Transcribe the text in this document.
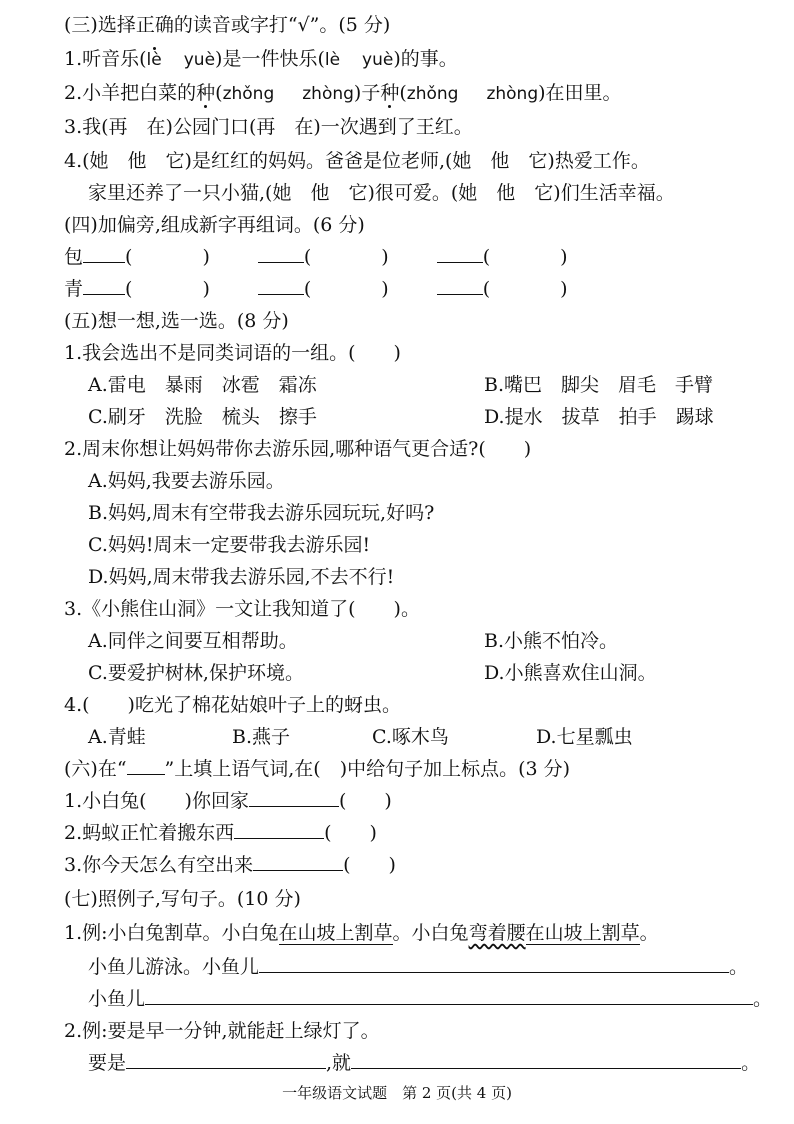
(三)选择正确的读音或字打“√”。(5 分)
1.听音乐(lè yuè)是一件快乐(lè yuè)的事。
2.小羊把白菜的种(zhǒng zhòng)子种(zhǒng zhòng)在田里。
3.我(再　在)公园门口(再　在)一次遇到了王红。
4.(她　他　它)是红红的妈妈。爸爸是位老师,(她　他　它)热爱工作。
家里还养了一只小猫,(她　他　它)很可爱。(她　他　它)们生活幸福。
(四)加偏旁,组成新字再组词。(6 分)
包 (	)	(	)	(	)
青 (	)	(	)	(	)
(五)想一想,选一选。(8 分)
1.我会选出不是同类词语的一组。(　　)
A.雷电　暴雨　冰雹　霜冻	B.嘴巴　脚尖　眉毛　手臂
C.刷牙　洗脸　梳头　擦手	D.提水　拔草　拍手　踢球
2.周末你想让妈妈带你去游乐园,哪种语气更合适?(　　)
A.妈妈,我要去游乐园。
B.妈妈,周末有空带我去游乐园玩玩,好吗?
C.妈妈!周末一定要带我去游乐园!
D.妈妈,周末带我去游乐园,不去不行!
3.《小熊住山洞》一文让我知道了(　　)。
A.同伴之间要互相帮助。	B.小熊不怕冷。
C.要爱护树林,保护环境。	D.小熊喜欢住山洞。
4.(　　)吃光了棉花姑娘叶子上的蚜虫。
A.青蛙	B.燕子	C.啄木鸟	D.七星瓢虫
(六)在“ ”上填上语气词,在(　)中给句子加上标点。(3 分)
1.小白兔(　　)你回家	(　　)
2.蚂蚁正忙着搬东西	(　　)
3.你今天怎么有空出来	(　　)
(七)照例子,写句子。(10 分)
1.例:小白兔割草。小白兔在山坡上割草。小白兔弯着腰在山坡上割草。
小鱼儿游泳。小鱼儿	。
小鱼儿	。
2.例:要是早一分钟,就能赶上绿灯了。
要是	,就	。
一年级语文试题　第 2 页(共 4 页)
